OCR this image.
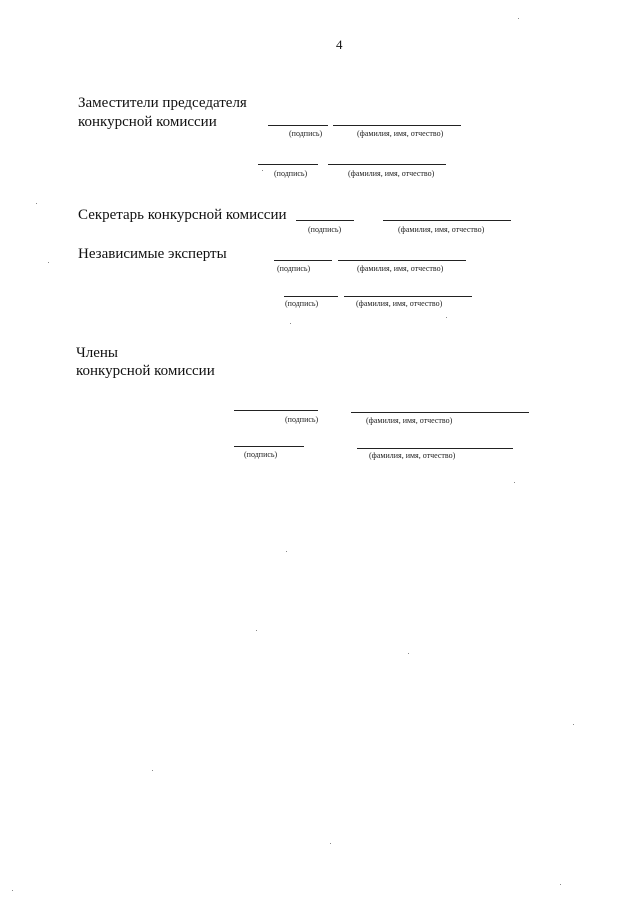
4
Заместители председателя
конкурсной комиссии
(подпись)	(фамилия, имя, отчество)
(подпись)	(фамилия, имя, отчество)
Секретарь конкурсной комиссии
(подпись)	(фамилия, имя, отчество)
Независимые эксперты
(подпись)	(фамилия, имя, отчество)
(подпись)	(фамилия, имя, отчество)
Члены
конкурсной комиссии
(подпись)	(фамилия, имя, отчество)
(подпись)	(фамилия, имя, отчество)
